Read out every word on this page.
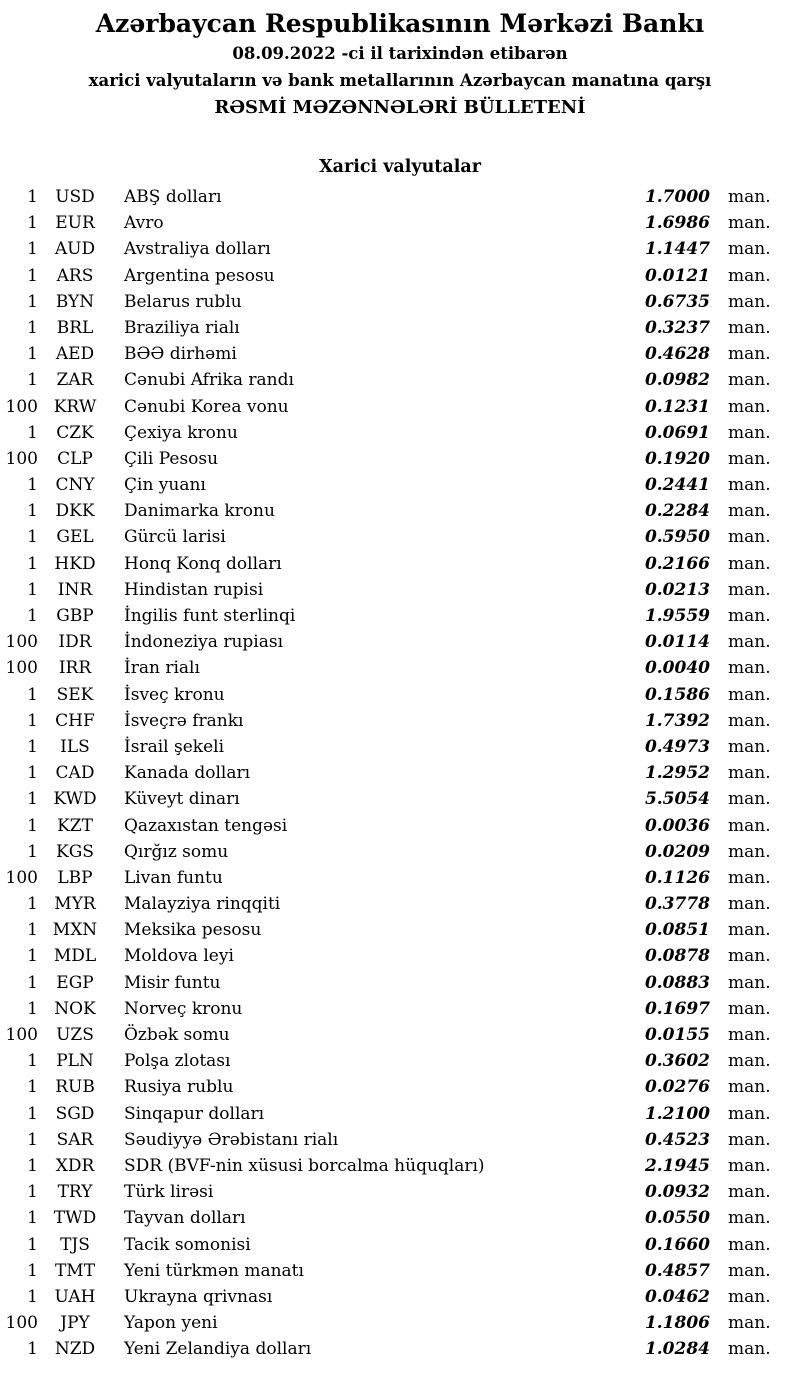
Azərbaycan Respublikasının Mərkəzi Bankı
08.09.2022 -ci il tarixindən etibarən
xarici valyutaların və bank metallarının Azərbaycan manatına qarşı
RƏSMİ MƏZƏNNƏLƏRİ BÜLLETENİ
Xarici valyutalar
1	USD	ABŞ dolları	1.7000	man.
1	EUR	Avro	1.6986	man.
1 AUD	Avstraliya dolları	1.1447	man.
1	ARS	Argentina pesosu	0.0121	man.
1	BYN	Belarus rublu	0.6735	man.
1	BRL	Braziliya rialı	0.3237	man.
1	AED	BƏƏ dirhəmi	0.4628	man.
1	ZAR	Cənubi Afrika randı	0.0982	man.
100 KRW	Cənubi Korea vonu	0.1231	man.
1	CZK	Çexiya kronu	0.0691	man.
100	CLP	Çili Pesosu	0.1920	man.
1	CNY	Çin yuanı	0.2441	man.
1	DKK	Danimarka kronu	0.2284	man.
1	GEL	Gürcü larisi	0.5950	man.
1 HKD	Honq Konq dolları	0.2166	man.
1	INR	Hindistan rupisi	0.0213	man.
1	GBP	İngilis funt sterlinqi	1.9559	man.
100	IDR	İndoneziya rupiası	0.0114	man.
100	IRR	İran rialı	0.0040	man.
1	SEK	İsveç kronu	0.1586	man.
1	CHF	İsveçrə frankı	1.7392	man.
1	ILS	İsrail şekeli	0.4973	man.
1	CAD	Kanada dolları	1.2952	man.
1 KWD	Küveyt dinarı	5.5054	man.
1	KZT	Qazaxıstan tengəsi	0.0036	man.
1	KGS	Qırğız somu	0.0209	man.
100	LBP	Livan funtu	0.1126	man.
1 MYR	Malayziya rinqqiti	0.3778	man.
1 MXN	Meksika pesosu	0.0851	man.
1 MDL	Moldova leyi	0.0878	man.
1	EGP	Misir funtu	0.0883	man.
1 NOK	Norveç kronu	0.1697	man.
100	UZS	Özbək somu	0.0155	man.
1	PLN	Polşa zlotası	0.3602	man.
1	RUB	Rusiya rublu	0.0276	man.
1	SGD	Sinqapur dolları	1.2100	man.
1	SAR	Səudiyyə Ərəbistanı rialı	0.4523	man.
1	XDR	SDR (BVF-nin xüsusi borcalma hüquqları)	2.1945	man.
1	TRY	Türk lirəsi	0.0932	man.
1 TWD	Tayvan dolları	0.0550	man.
1	TJS	Tacik somonisi	0.1660	man.
1 TMT	Yeni türkmən manatı	0.4857	man.
1 UAH	Ukrayna qrivnası	0.0462	man.
100	JPY	Yapon yeni	1.1806	man.
1 NZD	Yeni Zelandiya dolları	1.0284	man.
